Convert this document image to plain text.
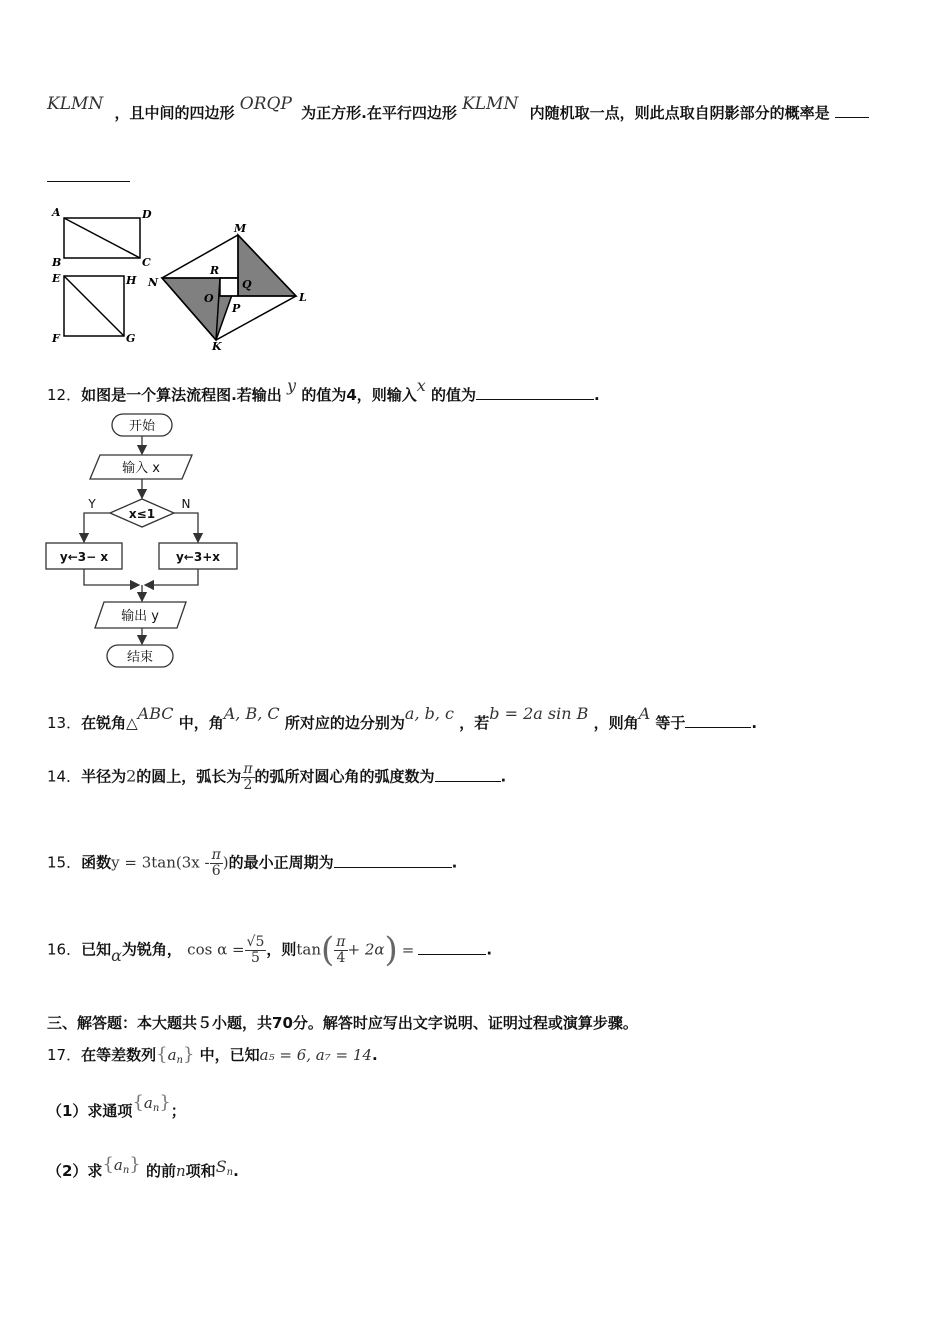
KLMN ，且中间的四边形 ORQP 为正方形.在平行四边形 KLMN 内随机取一点，则此点取自阴影部分的概率是
A	D
B	C
E	H
F	G
M
N
L
K
R
Q
O
P
12．如图是一个算法流程图.若输出 y 的值为4，则输入x 的值为	.
开始
输入 x
x≤1
Y	N
y←3− x	y←3+x
输出 y
结束
13．在锐角△ABC 中，角A, B, C 所对应的边分别为a, b, c ，若b = 2a sin B ，则角A 等于	.
14．半径为2的圆上，弧长为 $\frac{\pi}{2}$ 的弧所对圆心角的弧度数为	.
15．函数$y = 3\tan(3x - \frac{\pi}{6}$ )的最小正周期为	.
16．已知α为锐角， $\cos \alpha = \frac{√5}{5}$ ，则$\tan( \frac{\pi}{4} + 2\alpha)$ =	.
三、解答题：本大题共５小题，共70分。解答时应写出文字说明、证明过程或演算步骤。
17．在等差数列{an} 中，已知a₅ = 6, a₇ = 14.
（1）求通项{an}；
（2）求{an} 的前n项和Sn.
